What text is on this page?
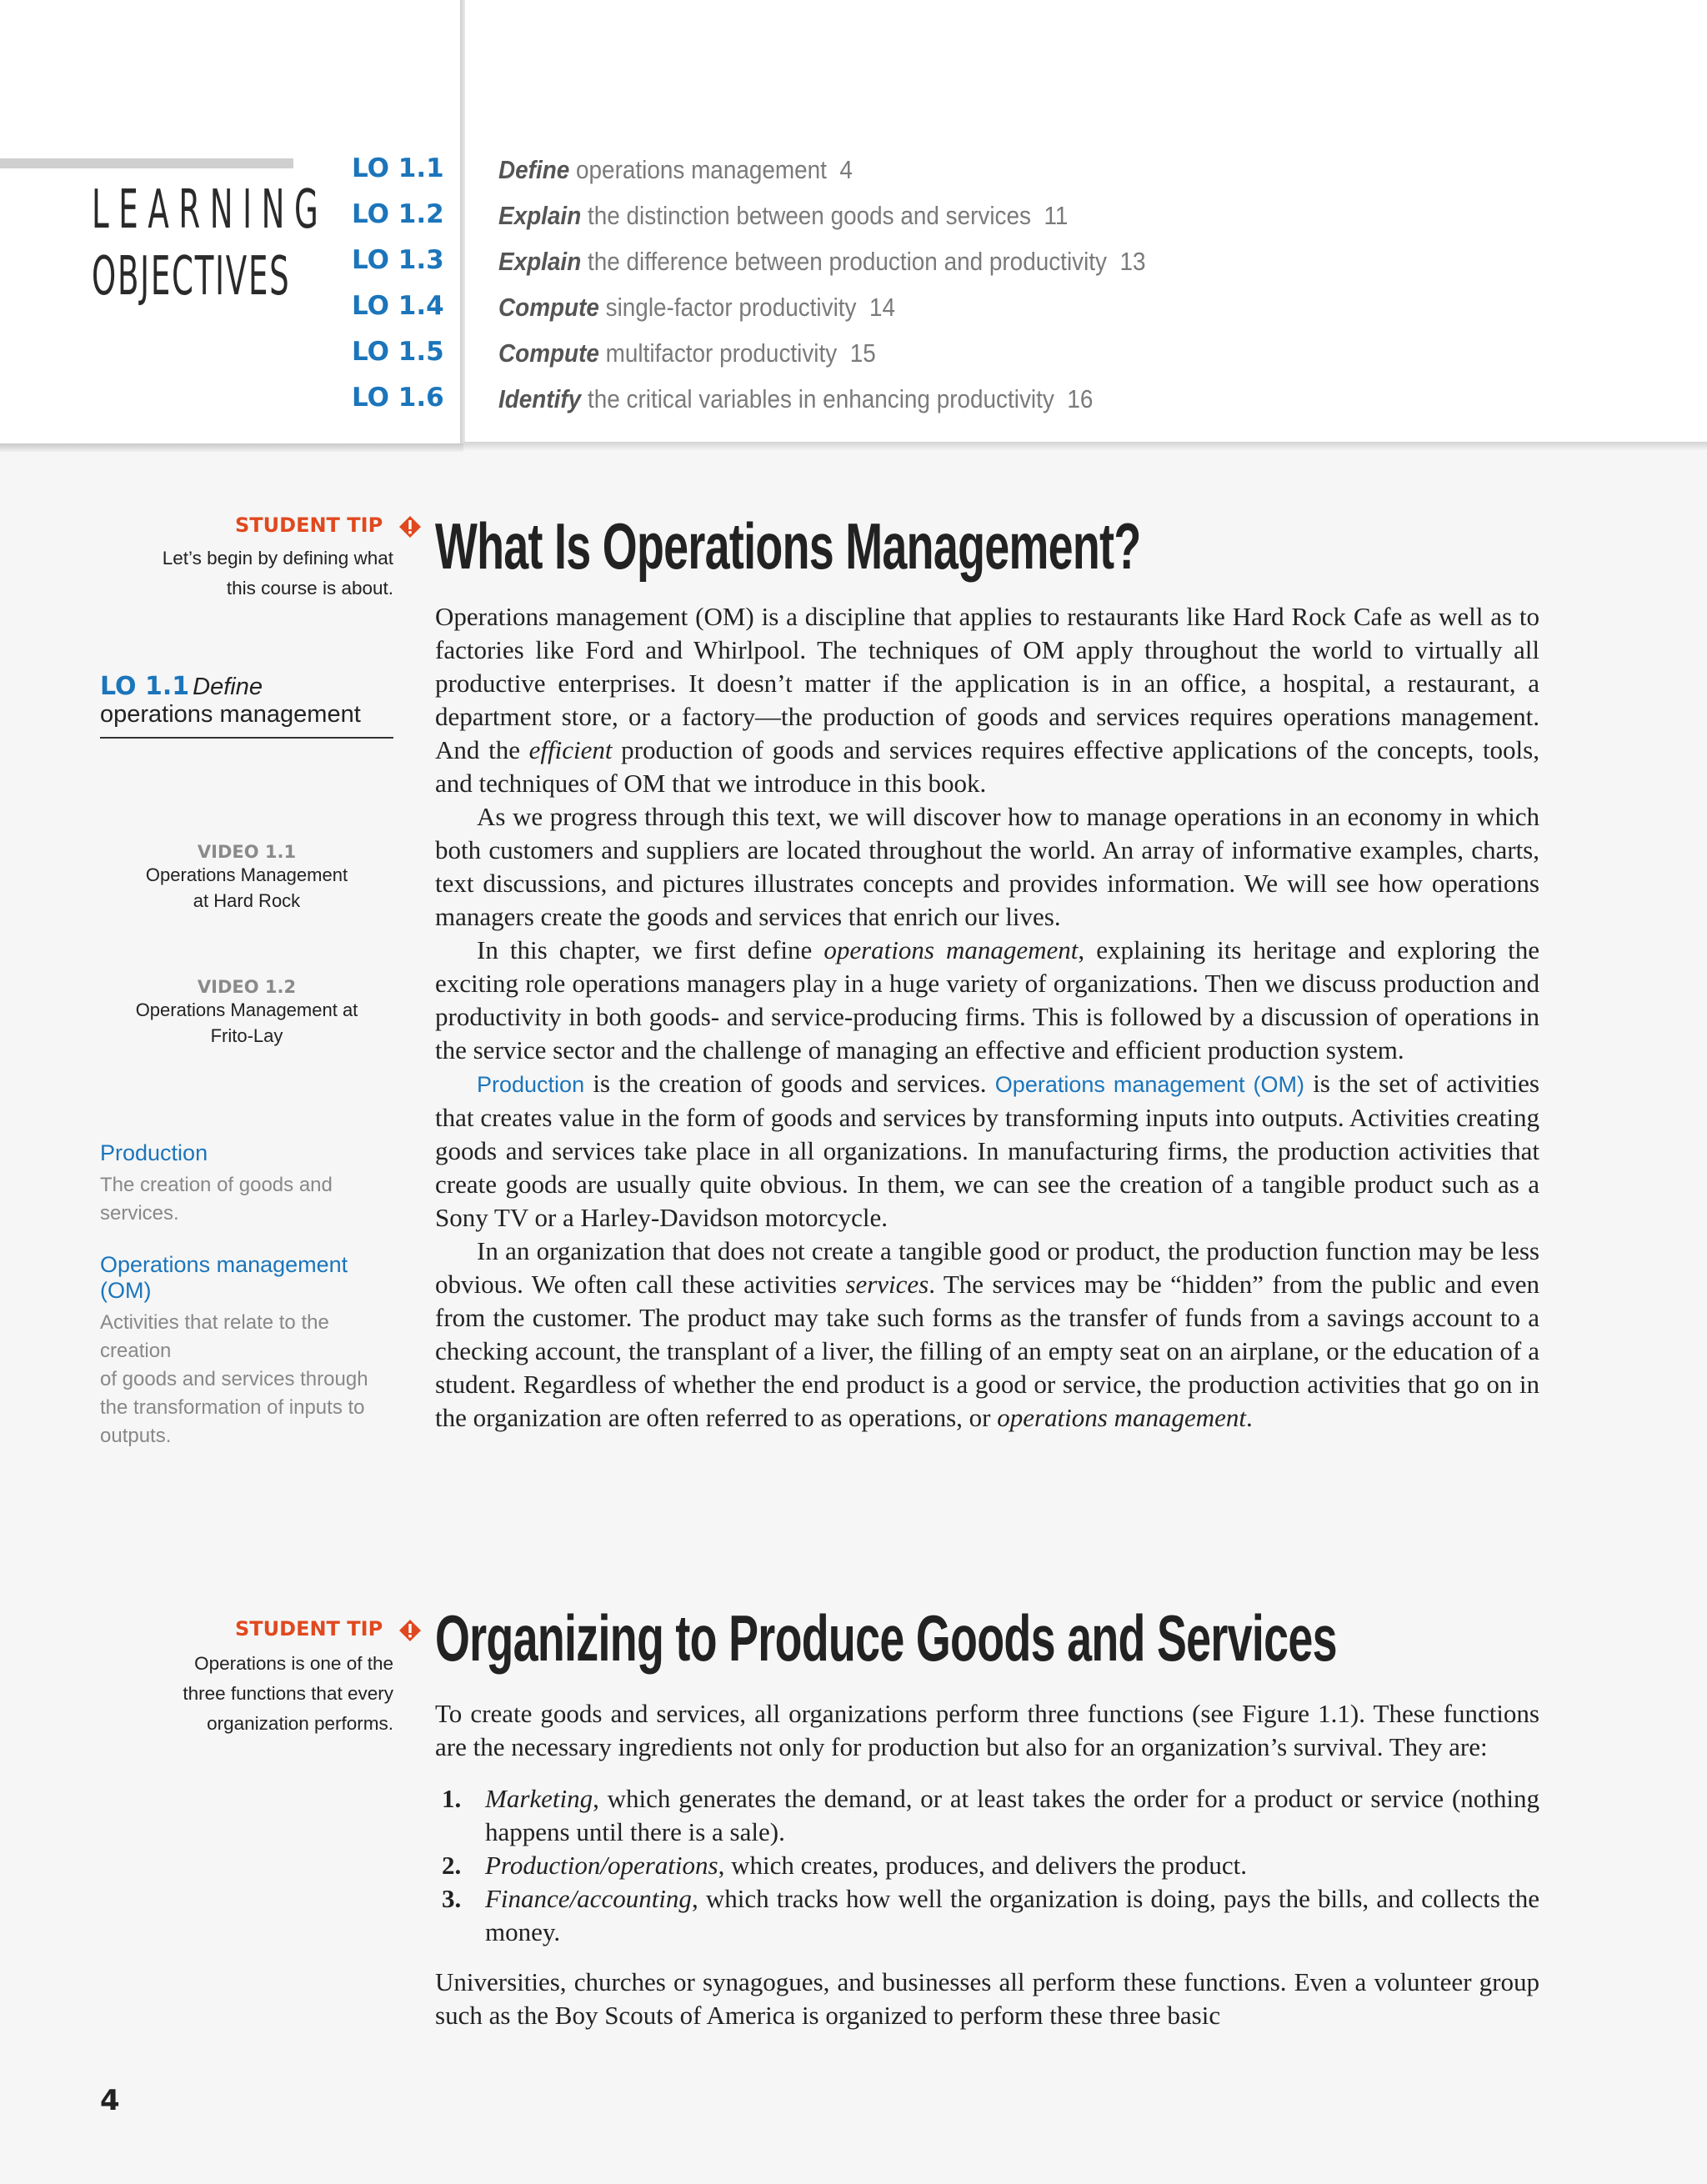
LEARNING
OBJECTIVES
LO 1.1 Define operations management 4
LO 1.2 Explain the distinction between goods and services 11
LO 1.3 Explain the difference between production and productivity 13
LO 1.4 Compute single-factor productivity 14
LO 1.5 Compute multifactor productivity 15
LO 1.6 Identify the critical variables in enhancing productivity 16
STUDENT TIP
Let’s begin by defining what
this course is about.
LO 1.1 Define
operations management
VIDEO 1.1
Operations Management
at Hard Rock
VIDEO 1.2
Operations Management at
Frito-Lay
Production
The creation of goods and
services.
Operations management (OM)
Activities that relate to the creation
of goods and services through
the transformation of inputs to
outputs.
STUDENT TIP
Operations is one of the
three functions that every
organization performs.
What Is Operations Management?

Operations management (OM) is a discipline that applies to restaurants like Hard Rock Cafe as well as to factories like Ford and Whirlpool. The techniques of OM apply throughout the world to virtually all productive enterprises. It doesn’t matter if the application is in an office, a hospital, a restaurant, a department store, or a factory—the production of goods and services requires operations management. And the efficient production of goods and services requires effective applications of the concepts, tools, and techniques of OM that we introduce in this book.

As we progress through this text, we will discover how to manage operations in an economy in which both customers and suppliers are located throughout the world. An array of informative examples, charts, text discussions, and pictures illustrates concepts and provides information. We will see how operations managers create the goods and services that enrich our lives.

In this chapter, we first define operations management, explaining its heritage and exploring the exciting role operations managers play in a huge variety of organizations. Then we discuss production and productivity in both goods- and service-producing firms. This is followed by a discussion of operations in the service sector and the challenge of managing an effective and efficient production system.

Production is the creation of goods and services. Operations management (OM) is the set of activities that creates value in the form of goods and services by transforming inputs into outputs. Activities creating goods and services take place in all organizations. In manufacturing firms, the production activities that create goods are usually quite obvious. In them, we can see the creation of a tangible product such as a Sony TV or a Harley-Davidson motorcycle.

In an organization that does not create a tangible good or product, the production function may be less obvious. We often call these activities services. The services may be “hidden” from the public and even from the customer. The product may take such forms as the transfer of funds from a savings account to a checking account, the transplant of a liver, the filling of an empty seat on an airplane, or the education of a student. Regardless of whether the end product is a good or service, the production activities that go on in the organization are often referred to as operations, or operations management.

Organizing to Produce Goods and Services

To create goods and services, all organizations perform three functions (see Figure 1.1). These functions are the necessary ingredients not only for production but also for an organization’s survival. They are:

1. Marketing, which generates the demand, or at least takes the order for a product or service (nothing happens until there is a sale).
2. Production/operations, which creates, produces, and delivers the product.
3. Finance/accounting, which tracks how well the organization is doing, pays the bills, and collects the money.

Universities, churches or synagogues, and businesses all perform these functions. Even a volunteer group such as the Boy Scouts of America is organized to perform these three basic

4
